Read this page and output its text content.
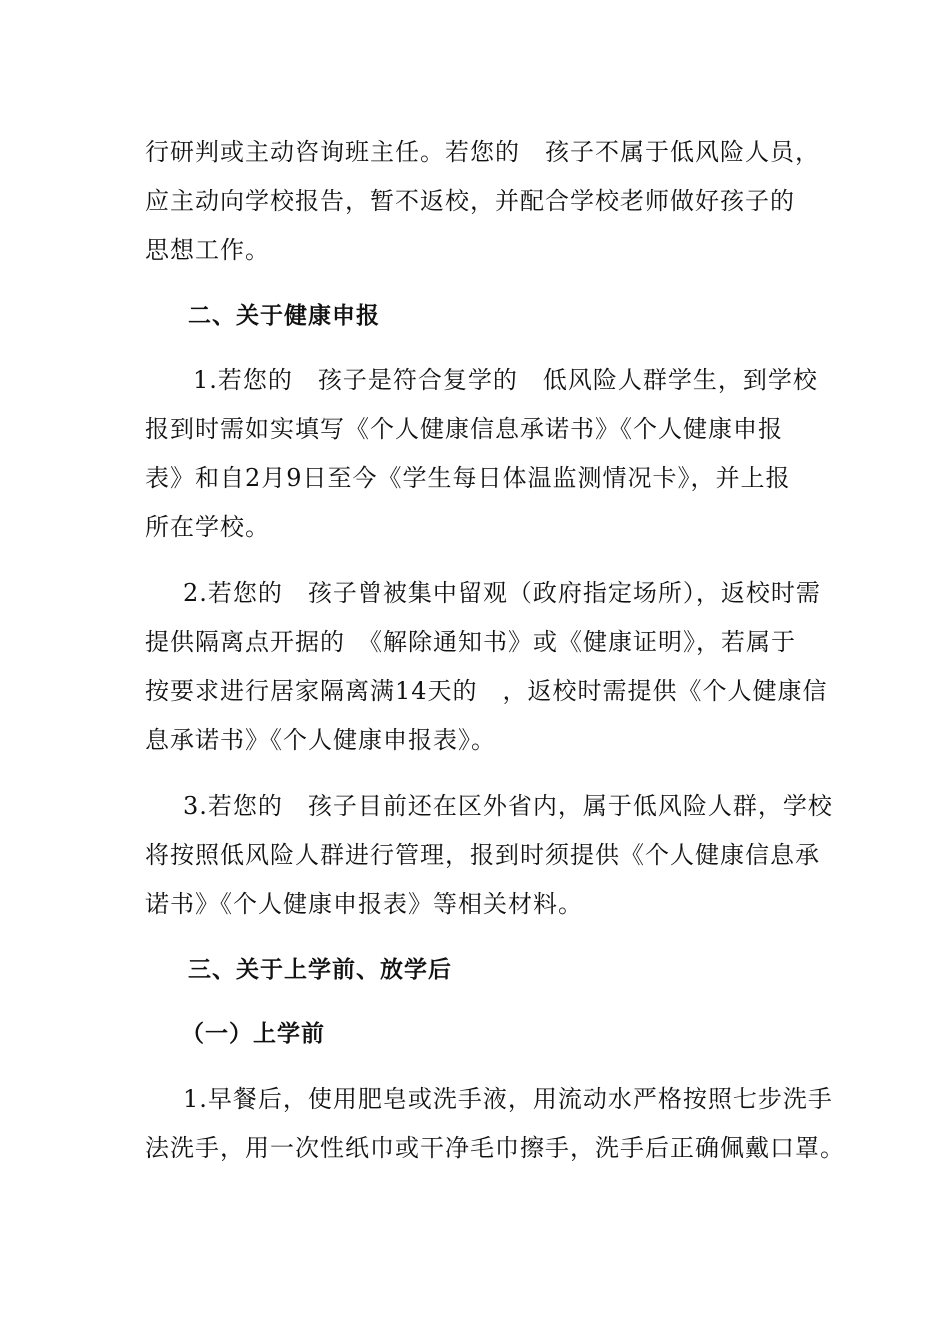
行研判或主动咨询班主任。若您的　孩子不属于低风险人员，
应主动向学校报告，暂不返校，并配合学校老师做好孩子的
思想工作。
二、关于健康申报
1.若您的　孩子是符合复学的　低风险人群学生，到学校
报到时需如实填写《个人健康信息承诺书》《个人健康申报
表》和自2月9日至今《学生每日体温监测情况卡》，并上报
所在学校。
2.若您的　孩子曾被集中留观（政府指定场所），返校时需
提供隔离点开据的　《解除通知书》或《健康证明》，若属于
按要求进行居家隔离满14天的　，返校时需提供《个人健康信
息承诺书》《个人健康申报表》。
3.若您的　孩子目前还在区外省内，属于低风险人群，学校
将按照低风险人群进行管理，报到时须提供《个人健康信息承
诺书》《个人健康申报表》等相关材料。
三、关于上学前、放学后
（一）上学前
1.早餐后，使用肥皂或洗手液，用流动水严格按照七步洗手
法洗手，用一次性纸巾或干净毛巾擦手，洗手后正确佩戴口罩。
